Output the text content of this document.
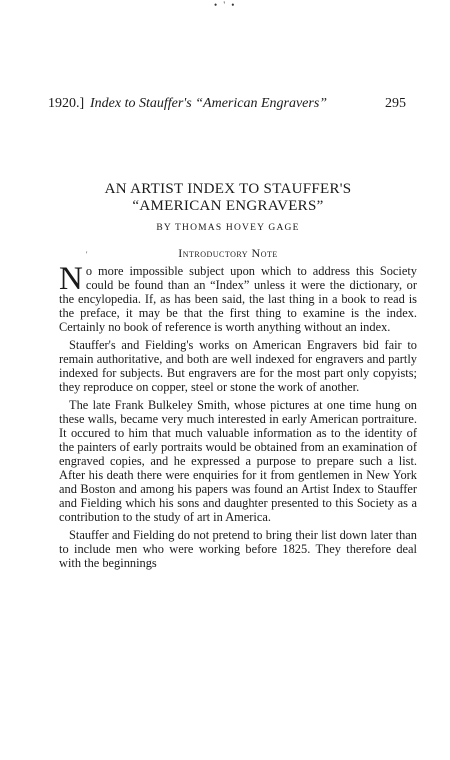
• ' •
1920.] Index to Stauffer's “American Engravers”	295
AN ARTIST INDEX TO STAUFFER'S
“AMERICAN ENGRAVERS”
BY THOMAS HOVEY GAGE
'	Introductory Note

No more impossible subject upon which to address this Society could be found than an “Index” unless it were the dictionary, or the encylopedia. If, as has been said, the last thing in a book to read is the preface, it may be that the first thing to examine is the index. Certainly no book of reference is worth anything without an index.

Stauffer's and Fielding's works on American Engravers bid fair to remain authoritative, and both are well indexed for engravers and partly indexed for subjects. But engravers are for the most part only copyists; they reproduce on copper, steel or stone the work of another.

The late Frank Bulkeley Smith, whose pictures at one time hung on these walls, became very much interested in early American portraiture. It occured to him that much valuable information as to the identity of the painters of early portraits would be obtained from an examination of engraved copies, and he expressed a purpose to prepare such a list. After his death there were enquiries for it from gentlemen in New York and Boston and among his papers was found an Artist Index to Stauffer and Fielding which his sons and daughter presented to this Society as a contribution to the study of art in America.

Stauffer and Fielding do not pretend to bring their list down later than to include men who were working before 1825. They therefore deal with the beginnings
